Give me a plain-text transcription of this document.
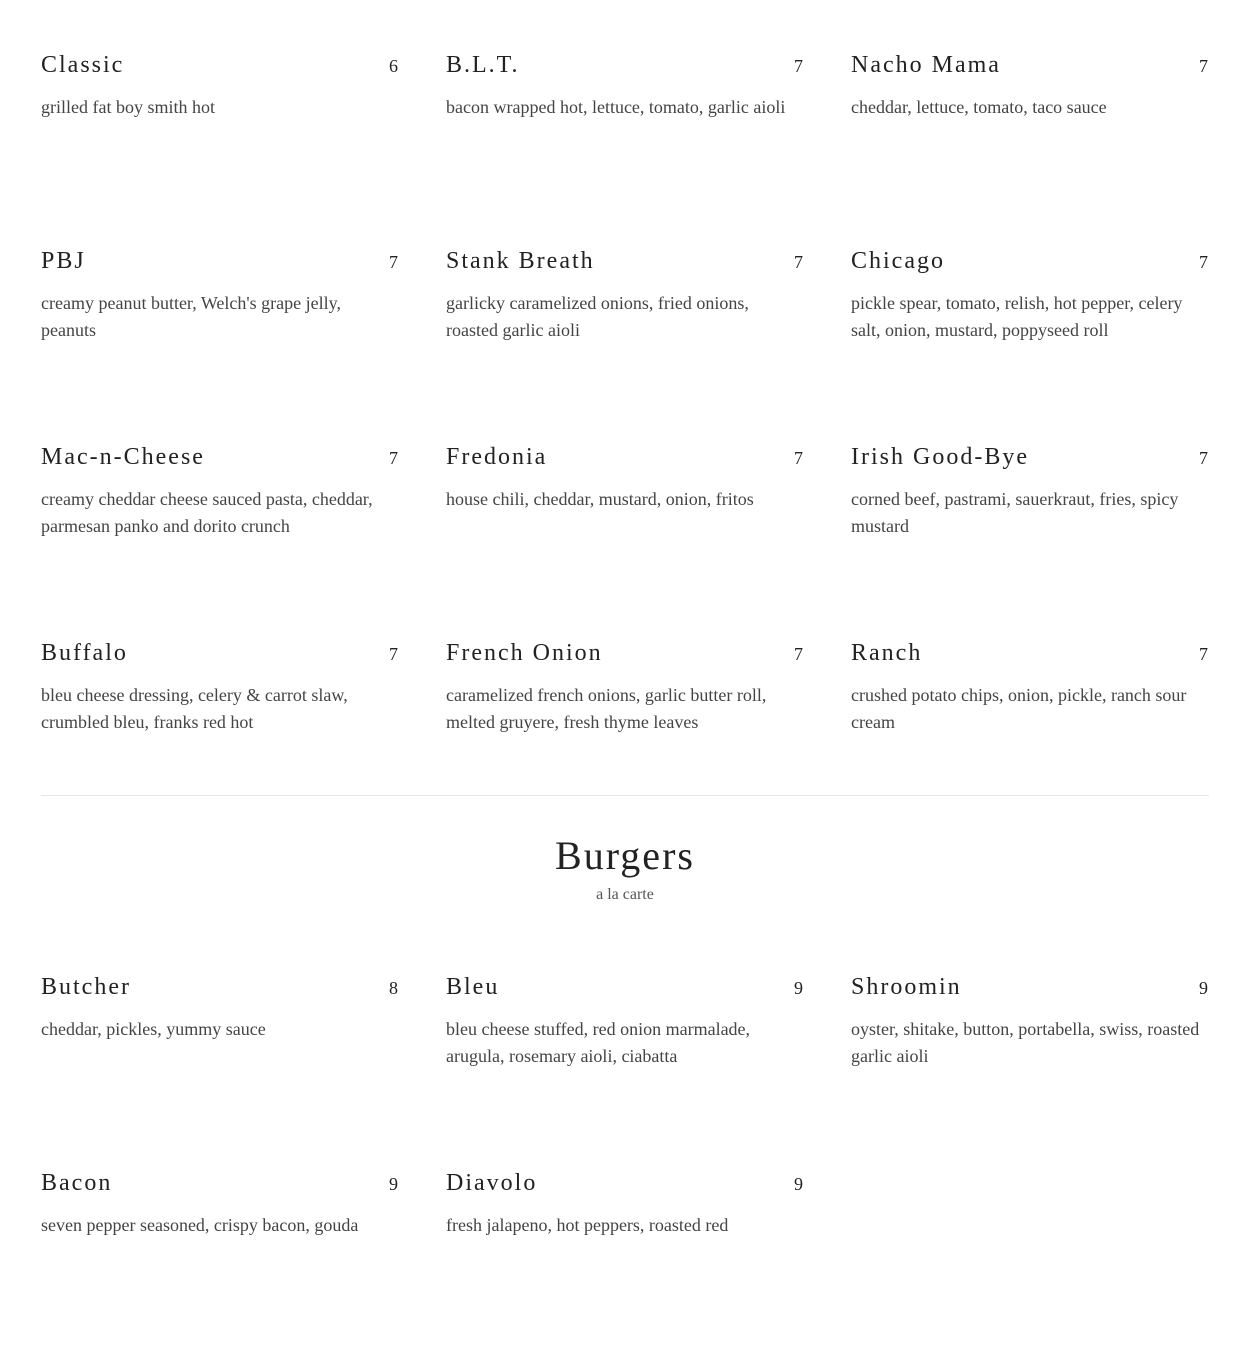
Classic	6
grilled fat boy smith hot
B.L.T.	7
bacon wrapped hot, lettuce, tomato, garlic aioli
Nacho Mama	7
cheddar, lettuce, tomato, taco sauce
PBJ	7
creamy peanut butter, Welch's grape jelly, peanuts
Stank Breath	7
garlicky caramelized onions, fried onions, roasted garlic aioli
Chicago	7
pickle spear, tomato, relish, hot pepper, celery salt, onion, mustard, poppyseed roll
Mac-n-Cheese	7
creamy cheddar cheese sauced pasta, cheddar, parmesan panko and dorito crunch
Fredonia	7
house chili, cheddar, mustard, onion, fritos
Irish Good-Bye	7
corned beef, pastrami, sauerkraut, fries, spicy mustard
Buffalo	7
bleu cheese dressing, celery & carrot slaw, crumbled bleu, franks red hot
French Onion	7
caramelized french onions, garlic butter roll, melted gruyere, fresh thyme leaves
Ranch	7
crushed potato chips, onion, pickle, ranch sour cream
Burgers
a la carte
Butcher	8
cheddar, pickles, yummy sauce
Bleu	9
bleu cheese stuffed, red onion marmalade, arugula, rosemary aioli, ciabatta
Shroomin	9
oyster, shitake, button, portabella, swiss, roasted garlic aioli
Bacon	9
seven pepper seasoned, crispy bacon, gouda
Diavolo	9
fresh jalapeno, hot peppers, roasted red
